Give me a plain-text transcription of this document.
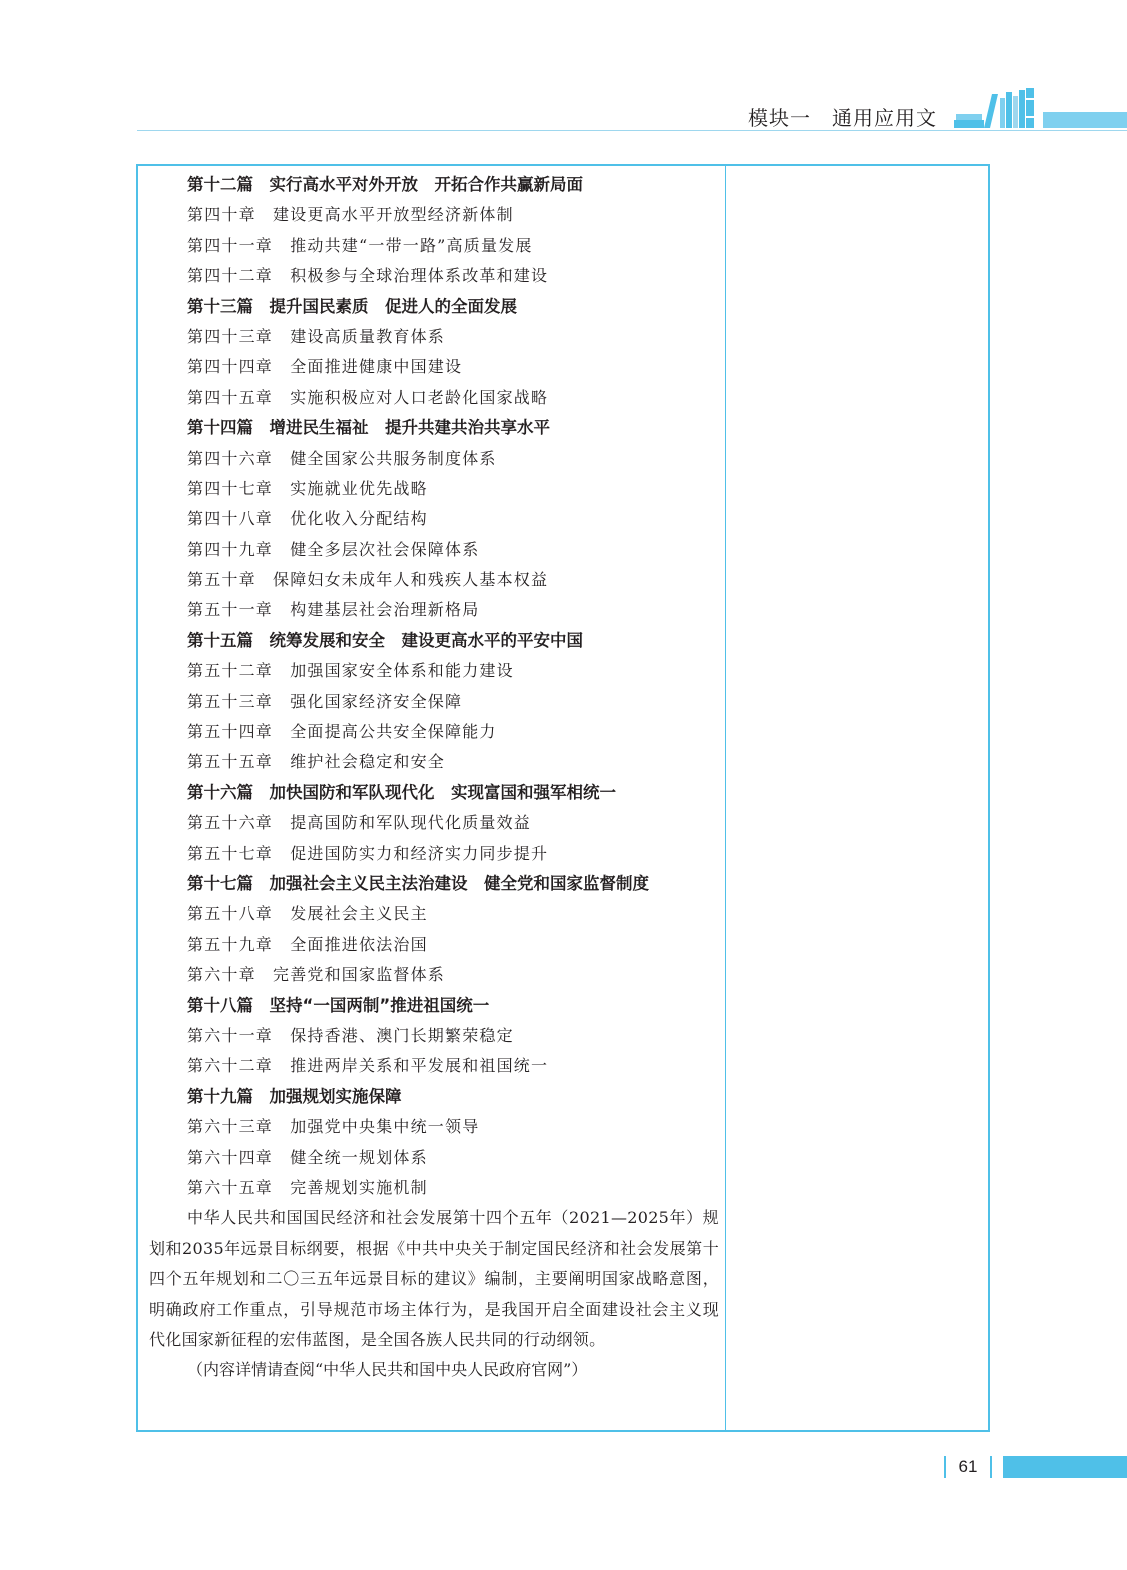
模块一　通用应用文
第十二篇　实行高水平对外开放　开拓合作共赢新局面
第四十章　建设更高水平开放型经济新体制
第四十一章　推动共建“一带一路”高质量发展
第四十二章　积极参与全球治理体系改革和建设
第十三篇　提升国民素质　促进人的全面发展
第四十三章　建设高质量教育体系
第四十四章　全面推进健康中国建设
第四十五章　实施积极应对人口老龄化国家战略
第十四篇　增进民生福祉　提升共建共治共享水平
第四十六章　健全国家公共服务制度体系
第四十七章　实施就业优先战略
第四十八章　优化收入分配结构
第四十九章　健全多层次社会保障体系
第五十章　保障妇女未成年人和残疾人基本权益
第五十一章　构建基层社会治理新格局
第十五篇　统筹发展和安全　建设更高水平的平安中国
第五十二章　加强国家安全体系和能力建设
第五十三章　强化国家经济安全保障
第五十四章　全面提高公共安全保障能力
第五十五章　维护社会稳定和安全
第十六篇　加快国防和军队现代化　实现富国和强军相统一
第五十六章　提高国防和军队现代化质量效益
第五十七章　促进国防实力和经济实力同步提升
第十七篇　加强社会主义民主法治建设　健全党和国家监督制度
第五十八章　发展社会主义民主
第五十九章　全面推进依法治国
第六十章　完善党和国家监督体系
第十八篇　坚持“一国两制”推进祖国统一
第六十一章　保持香港、澳门长期繁荣稳定
第六十二章　推进两岸关系和平发展和祖国统一
第十九篇　加强规划实施保障
第六十三章　加强党中央集中统一领导
第六十四章　健全统一规划体系
第六十五章　完善规划实施机制

中华人民共和国国民经济和社会发展第十四个五年（2021—2025年）规划和2035年远景目标纲要，根据《中共中央关于制定国民经济和社会发展第十四个五年规划和二〇三五年远景目标的建议》编制，主要阐明国家战略意图，明确政府工作重点，引导规范市场主体行为，是我国开启全面建设社会主义现代化国家新征程的宏伟蓝图，是全国各族人民共同的行动纲领。

（内容详情请查阅“中华人民共和国中央人民政府官网”）
61
